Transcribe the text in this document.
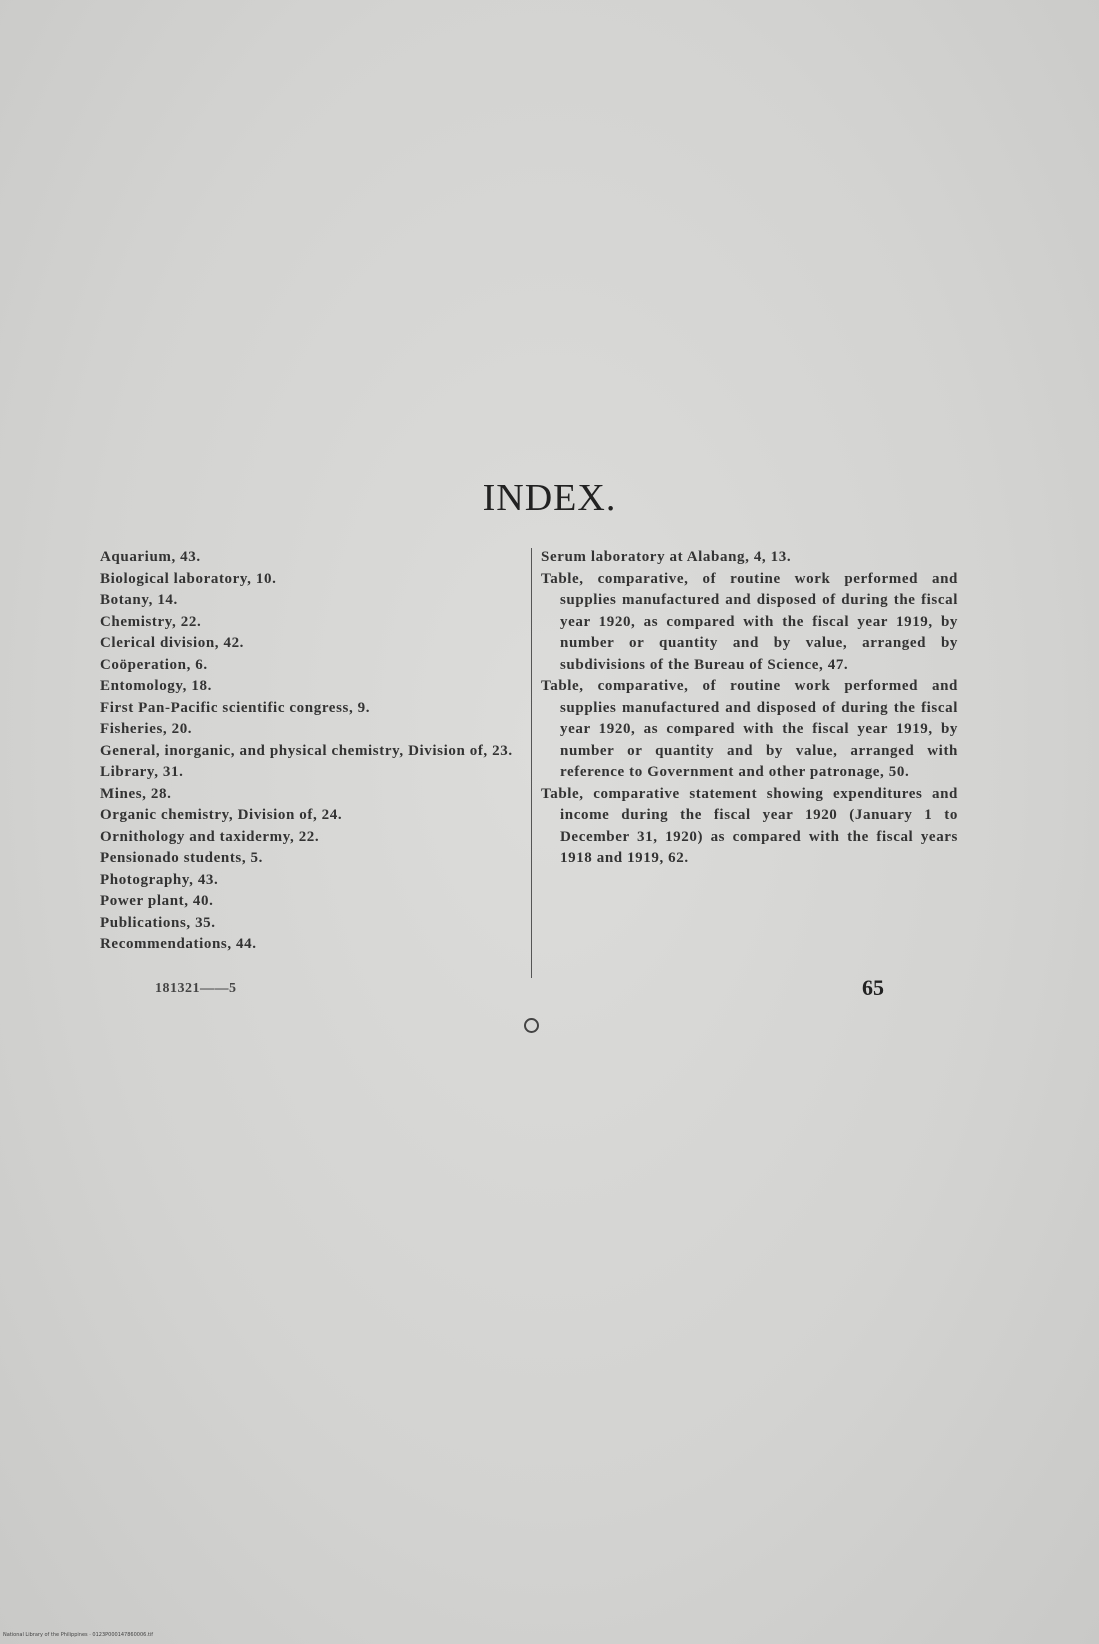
INDEX.

Aquarium, 43.

Biological laboratory, 10.

Botany, 14.

Chemistry, 22.

Clerical division, 42.

Coöperation, 6.

Entomology, 18.

First Pan-Pacific scientific congress, 9.

Fisheries, 20.

General, inorganic, and physical chemistry, Division of, 23.

Library, 31.

Mines, 28.

Organic chemistry, Division of, 24.

Ornithology and taxidermy, 22.

Pensionado students, 5.

Photography, 43.

Power plant, 40.

Publications, 35.

Recommendations, 44.

Serum laboratory at Alabang, 4, 13.

Table, comparative, of routine work performed and supplies manufactured and disposed of during the fiscal year 1920, as compared with the fiscal year 1919, by number or quantity and by value, arranged by subdivisions of the Bureau of Science, 47.

Table, comparative, of routine work performed and supplies manufactured and disposed of during the fiscal year 1920, as compared with the fiscal year 1919, by number or quantity and by value, arranged with reference to Government and other patronage, 50.

Table, comparative statement showing expenditures and income during the fiscal year 1920 (January 1 to December 31, 1920) as compared with the fiscal years 1918 and 1919, 62.

181321——5	65
National Library of the Philippines · 0123P000147860006.tif
